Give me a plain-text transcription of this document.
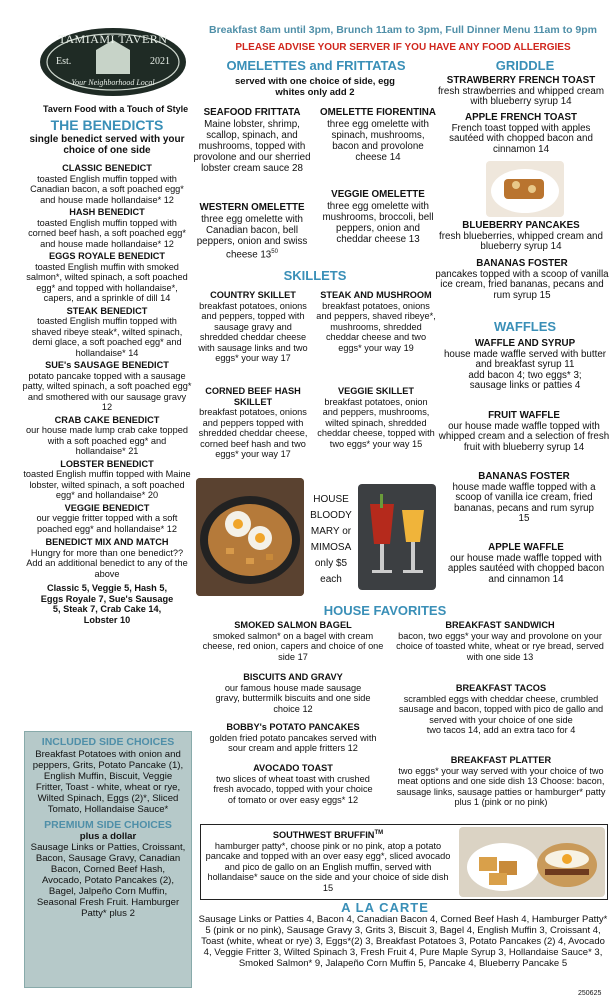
TAMIAMI TAVERN
Est.	2021
Your Neighborhood Local
Tavern Food with a Touch of Style
Breakfast 8am until 3pm, Brunch 11am to 3pm, Full Dinner Menu 11am to 9pm
PLEASE ADVISE YOUR SERVER IF YOU HAVE ANY FOOD ALLERGIES
THE BENEDICTS
single benedict served with your choice of one side
CLASSIC BENEDICT
toasted English muffin topped with Canadian bacon, a soft poached egg* and house made hollandaise* 12
HASH BENEDICT
toasted English muffin topped with corned beef hash, a soft poached egg* and house made hollandaise* 12
EGGS ROYALE BENEDICT
toasted English muffin with smoked salmon*, wilted spinach, a soft poached egg* and topped with hollandaise*, capers, and a sprinkle of dill 14
STEAK BENEDICT
toasted English muffin topped with shaved ribeye steak*, wilted spinach, demi glace, a soft poached egg* and hollandaise* 14
SUE's SAUSAGE BENEDICT
potato pancake topped with a sausage patty, wilted spinach, a soft poached egg* and smothered with our sausage gravy 12
CRAB CAKE BENEDICT
our house made lump crab cake topped with a soft poached egg* and hollandaise* 21
LOBSTER BENEDICT
toasted English muffin topped with Maine lobster, wilted spinach, a soft poached egg* and hollandaise* 20
VEGGIE BENEDICT
our veggie fritter topped with a soft poached egg* and hollandaise* 12
BENEDICT MIX AND MATCH
Hungry for more than one benedict?? Add an additional benedict to any of the above
Classic 5, Veggie 5, Hash 5, Eggs Royale 7, Sue's Sausage 5, Steak 7, Crab Cake 14, Lobster 10
INCLUDED SIDE CHOICES
Breakfast Potatoes with onion and peppers, Grits, Potato Pancake (1), English Muffin, Biscuit, Veggie Fritter, Toast - white, wheat or rye, Wilted Spinach, Eggs (2)*, Sliced Tomato, Hollandaise Sauce*
PREMIUM SIDE CHOICES
plus a dollar
Sausage Links or Patties, Croissant, Bacon, Sausage Gravy, Canadian Bacon, Corned Beef Hash, Avocado, Potato Pancakes (2), Bagel, Jalpeño Corn Muffin, Seasonal Fresh Fruit. Hamburger Patty* plus 2
OMELETTES and FRITTATAS
served with one choice of side, egg whites only add 2
SEAFOOD FRITTATA
Maine lobster, shrimp, scallop, spinach, and mushrooms, topped with provolone and our sherried lobster cream sauce 28
OMELETTE FIORENTINA
three egg omelette with spinach, mushrooms, bacon and provolone cheese 14
WESTERN OMELETTE
three egg omelette with Canadian bacon, bell peppers, onion and swiss cheese $13^{50}$
VEGGIE OMELETTE
three egg omelette with mushrooms, broccoli, bell peppers, onion and cheddar cheese 13
SKILLETS
COUNTRY SKILLET
breakfast potatoes, onions and peppers, topped with sausage gravy and shredded cheddar cheese with sausage links and two eggs* your way 17
STEAK AND MUSHROOM
breakfast potatoes, onions and peppers, shaved ribeye*, mushrooms, shredded cheddar cheese and two eggs* your way 19
CORNED BEEF HASH SKILLET
breakfast potatoes, onions and peppers topped with shredded cheddar cheese, corned beef hash and two eggs* your way 17
VEGGIE SKILLET
breakfast potatoes, onion and peppers, mushrooms, wilted spinach, shredded cheddar cheese, topped with two eggs* your way 15
HOUSE BLOODY MARY or MIMOSA only $5 each
GRIDDLE
STRAWBERRY FRENCH TOAST
fresh strawberries and whipped cream with blueberry syrup 14
APPLE FRENCH TOAST
French toast topped with apples sautéed with chopped bacon and cinnamon 14
BLUEBERRY PANCAKES
fresh blueberries, whipped cream and blueberry syrup 14
BANANAS FOSTER
pancakes topped with a scoop of vanilla ice cream, fried bananas, pecans and rum syrup 15
WAFFLES
WAFFLE AND SYRUP
house made waffle served with butter and breakfast syrup 11
add bacon 4; two eggs* 3; sausage links or patties 4
FRUIT WAFFLE
our house made waffle topped with whipped cream and a selection of fresh fruit with blueberry syrup 14
BANANAS FOSTER
house made waffle topped with a scoop of vanilla ice cream, fried bananas, pecans and rum syrup 15
APPLE WAFFLE
our house made waffle topped with apples sautéed with chopped bacon and cinnamon 14
HOUSE FAVORITES
SMOKED SALMON BAGEL
smoked salmon* on a bagel with cream cheese, red onion, capers and choice of one side 17
BREAKFAST SANDWICH
bacon, two eggs* your way and provolone on your choice of toasted white, wheat or rye bread, served with one side 13
BISCUITS AND GRAVY
our famous house made sausage gravy, buttermilk biscuits and one side choice 12
BREAKFAST TACOS
scrambled eggs with cheddar cheese, crumbled sausage and bacon, topped with pico de gallo and served with your choice of one side
two tacos 14, add an extra taco for 4
BOBBY's POTATO PANCAKES
golden fried potato pancakes served with sour cream and apple fritters 12
AVOCADO TOAST
two slices of wheat toast with crushed fresh avocado, topped with your choice of tomato or over easy eggs* 12
BREAKFAST PLATTER
two eggs* your way served with your choice of two meat options and one side dish 13 Choose: bacon, sausage links, sausage patties or hamburger* patty plus 1 (pink or no pink)
SOUTHWEST BRUFFIN™
hamburger patty*, choose pink or no pink, atop a potato pancake and topped with an over easy egg*, sliced avocado and pico de gallo on an English muffin, served with hollandaise* sauce on the side and your choice of side dish 15
A LA CARTE
Sausage Links or Patties 4, Bacon 4, Canadian Bacon 4, Corned Beef Hash 4, Hamburger Patty* 5 (pink or no pink), Sausage Gravy 3, Grits 3, Biscuit 3, Bagel 4, English Muffin 3, Croissant 4, Toast (white, wheat or rye) 3, Eggs*(2) 3, Breakfast Potatoes 3, Potato Pancakes (2) 4, Avocado 4, Veggie Fritter 3, Wilted Spinach 3, Fresh Fruit 4, Pure Maple Syrup 3, Hollandaise Sauce* 3, Smoked Salmon* 9, Jalapeño Corn Muffin 5, Pancake 4, Blueberry Pancake 5
250625
